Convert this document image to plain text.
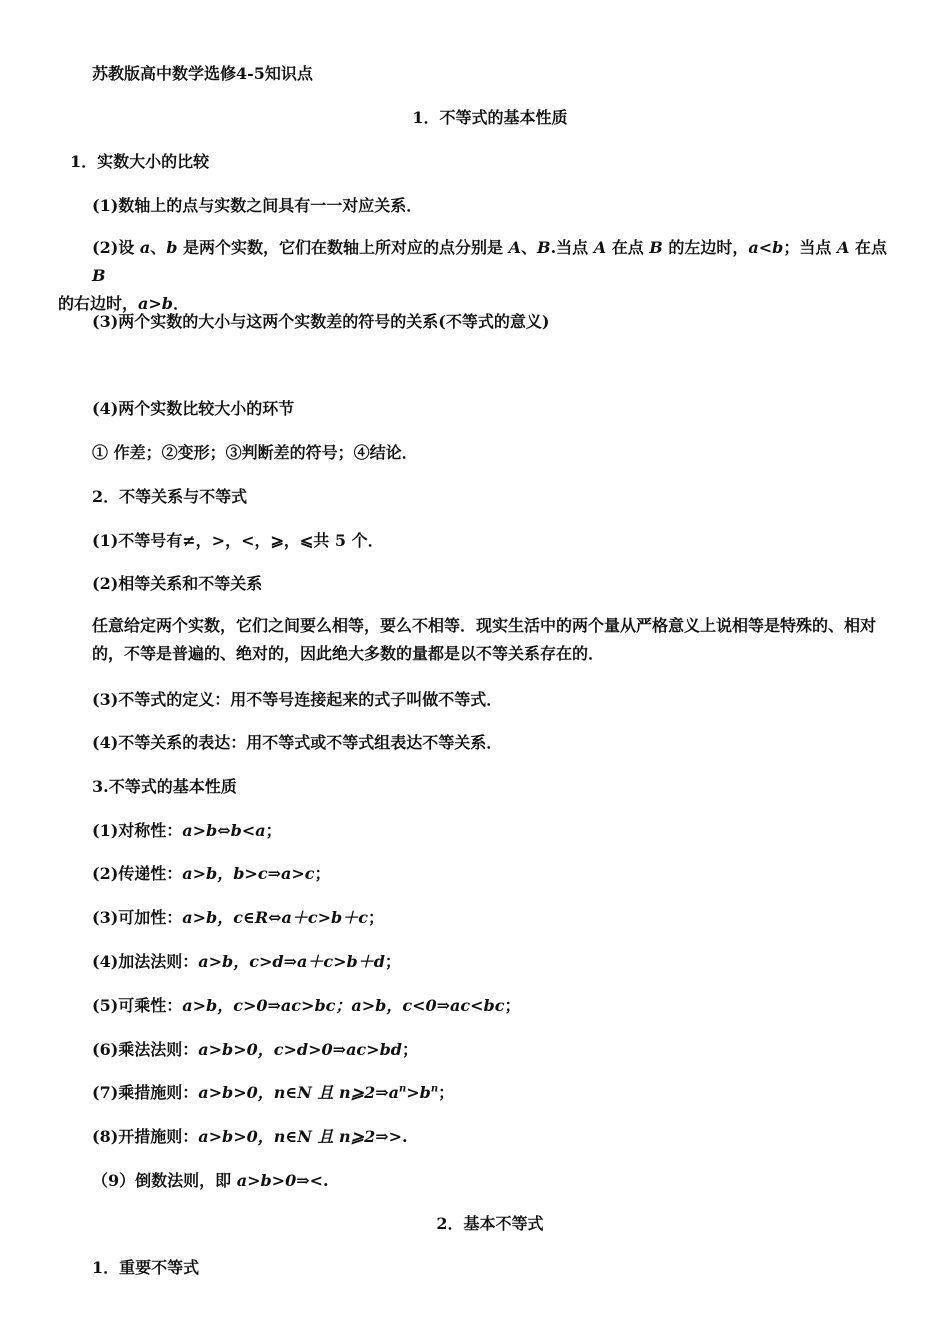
苏教版高中数学选修4-5知识点
1．不等式的基本性质
1．实数大小的比较
(1)数轴上的点与实数之间具有一一对应关系．
(2)设 a、b 是两个实数，它们在数轴上所对应的点分别是 A、B.当点 A 在点 B 的左边时，a<b；当点 A 在点 B
的右边时，a>b．
(3)两个实数的大小与这两个实数差的符号的关系(不等式的意义)
(4)两个实数比较大小的环节
① 作差；②变形；③判断差的符号；④结论．
2．不等关系与不等式
(1)不等号有≠，>，<，⩾，⩽共 5 个．
(2)相等关系和不等关系
任意给定两个实数，它们之间要么相等，要么不相等．现实生活中的两个量从严格意义上说相等是特殊的、相对的，不等是普遍的、绝对的，因此绝大多数的量都是以不等关系存在的．
(3)不等式的定义：用不等号连接起来的式子叫做不等式．
(4)不等关系的表达：用不等式或不等式组表达不等关系．
3.不等式的基本性质
(1)对称性：a>b⇔b<a；
(2)传递性：a>b，b>c⇒a>c；
(3)可加性：a>b，c∈R⇔a＋c>b＋c；
(4)加法法则：a>b，c>d⇒a＋c>b＋d；
(5)可乘性：a>b，c>0⇒ac>bc；a>b，c<0⇒ac<bc；
(6)乘法法则：a>b>0，c>d>0⇒ac>bd；
(7)乘措施则：a>b>0，n∈N 且 $n⩾2\Rightarrow a^n>b^n$；
(8)开措施则：a>b>0，n∈N 且 n⩾2⇒>.
（9）倒数法则，即 a>b>0⇒<.
2．基本不等式
1．重要不等式
